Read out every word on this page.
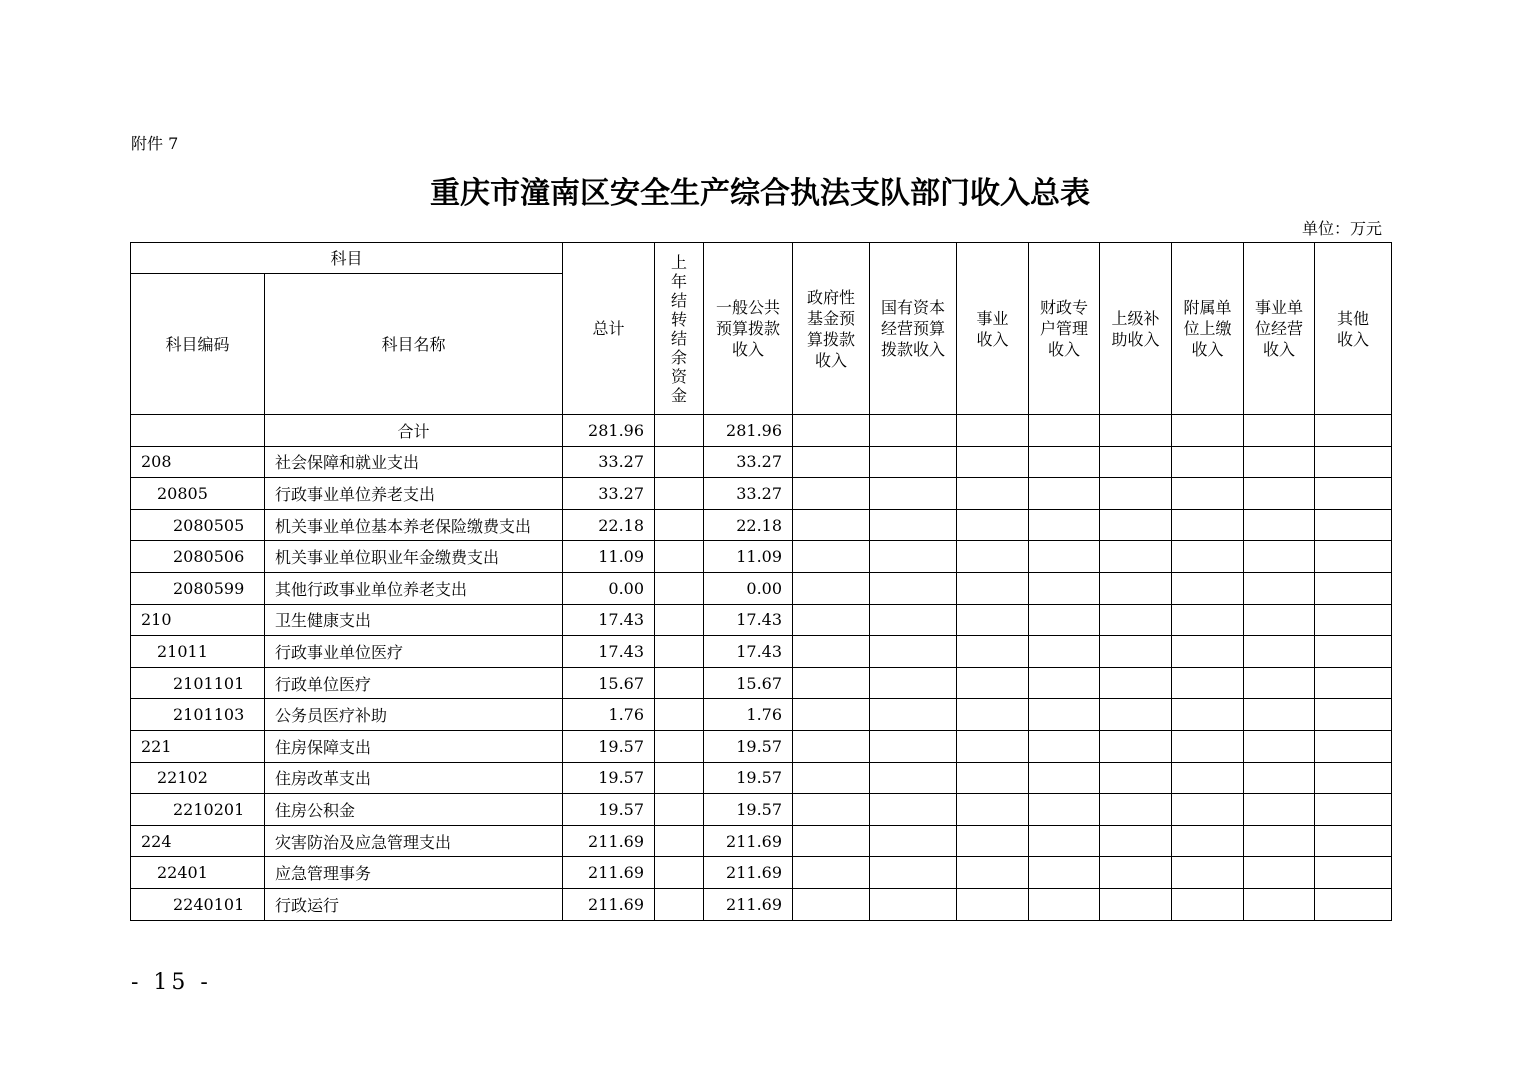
附件 7
重庆市潼南区安全生产综合执法支队部门收入总表
单位：万元
科目		总计	上年结转结余资金	一般公共预算拨款收入	政府性基金预算拨款收入	国有资本经营预算拨款收入	事业收入	财政专户管理收入	上级补助收入	附属单位上缴收入	事业单位经营收入	其他收入
科目编码	科目名称											
	合计	281.96		281.96								
208	社会保障和就业支出	33.27		33.27								
20805	行政事业单位养老支出	33.27		33.27								
2080505	机关事业单位基本养老保险缴费支出	22.18		22.18								
2080506	机关事业单位职业年金缴费支出	11.09		11.09								
2080599	其他行政事业单位养老支出	0.00		0.00								
210	卫生健康支出	17.43		17.43								
21011	行政事业单位医疗	17.43		17.43								
2101101	行政单位医疗	15.67		15.67								
2101103	公务员医疗补助	1.76		1.76								
221	住房保障支出	19.57		19.57								
22102	住房改革支出	19.57		19.57								
2210201	住房公积金	19.57		19.57								
224	灾害防治及应急管理支出	211.69		211.69								
22401	应急管理事务	211.69		211.69								
2240101	行政运行	211.69		211.69								
- 15 -
